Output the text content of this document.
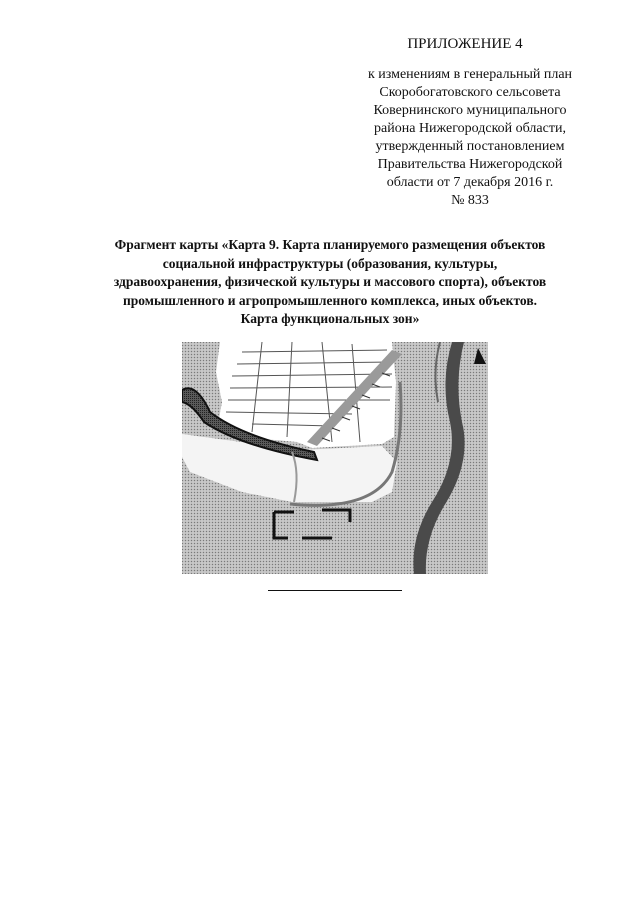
ПРИЛОЖЕНИЕ 4
к изменениям в генеральный план
Скоробогатовского сельсовета
Ковернинского муниципального
района Нижегородской области,
утвержденный постановлением
Правительства Нижегородской
области от 7 декабря 2016 г.
№ 833
Фрагмент карты «Карта 9. Карта планируемого размещения объектов
социальной инфраструктуры (образования, культуры,
здравоохранения, физической культуры и массового спорта), объектов
промышленного и агропромышленного комплекса, иных объектов.
Карта функциональных зон»
